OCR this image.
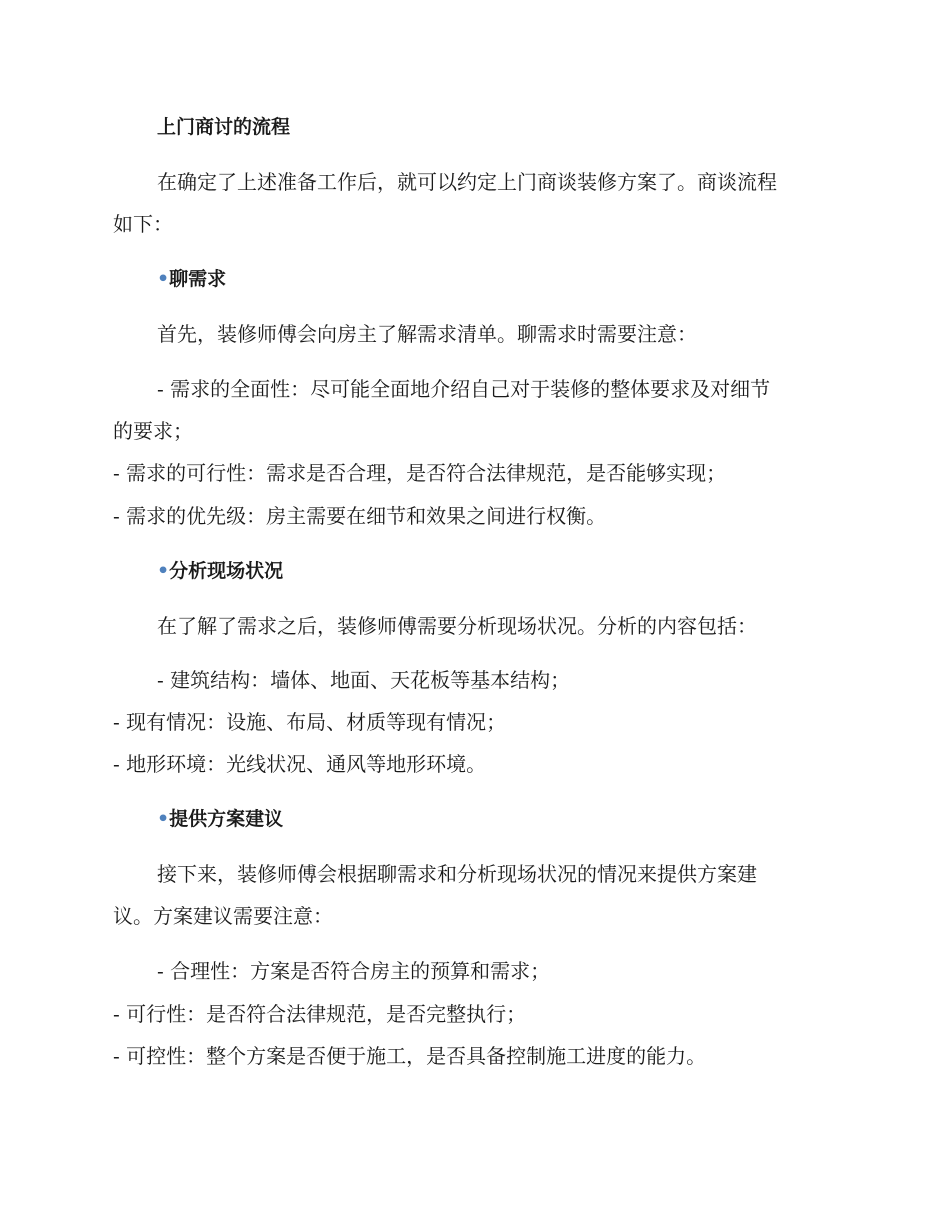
上门商讨的流程
在确定了上述准备工作后，就可以约定上门商谈装修方案了。商谈流程
如下：
•聊需求
首先，装修师傅会向房主了解需求清单。聊需求时需要注意：
- 需求的全面性：尽可能全面地介绍自己对于装修的整体要求及对细节
的要求；
- 需求的可行性：需求是否合理，是否符合法律规范，是否能够实现；
- 需求的优先级：房主需要在细节和效果之间进行权衡。
•分析现场状况
在了解了需求之后，装修师傅需要分析现场状况。分析的内容包括：
- 建筑结构：墙体、地面、天花板等基本结构；
- 现有情况：设施、布局、材质等现有情况；
- 地形环境：光线状况、通风等地形环境。
•提供方案建议
接下来，装修师傅会根据聊需求和分析现场状况的情况来提供方案建
议。方案建议需要注意：
- 合理性：方案是否符合房主的预算和需求；
- 可行性：是否符合法律规范，是否完整执行；
- 可控性：整个方案是否便于施工，是否具备控制施工进度的能力。
